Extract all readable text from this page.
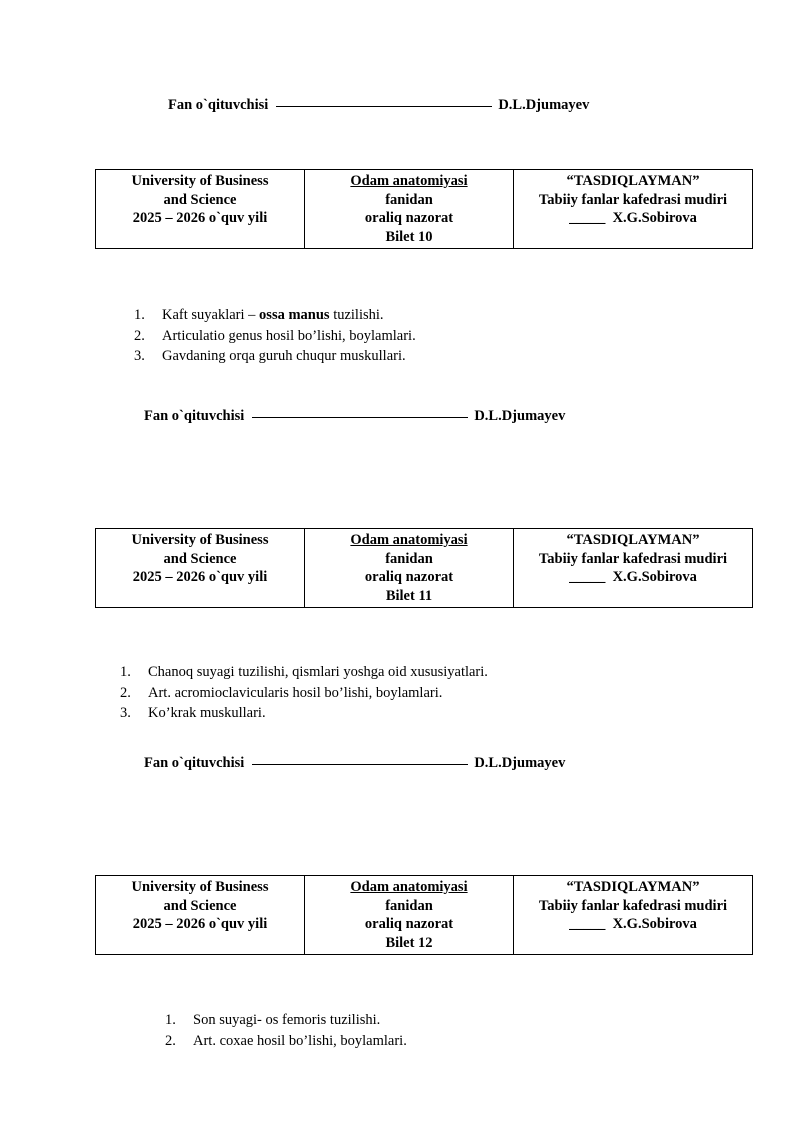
Fan o`qituvchisi	D.L.Djumayev
University of Business
and Science
2025 – 2026 o`quv yili

Odam anatomiyasi
fanidan
oraliq nazorat
Bilet 10

“TASDIQLAYMAN”
Tabiiy fanlar kafedrasi mudiri
_____ X.G.Sobirova
1. Kaft suyaklari – ossa manus tuzilishi.
2. Articulatio genus hosil bo’lishi, boylamlari.
3. Gavdaning orqa guruh chuqur muskullari.
Fan o`qituvchisi	D.L.Djumayev
University of Business
and Science
2025 – 2026 o`quv yili

Odam anatomiyasi
fanidan
oraliq nazorat
Bilet 11

“TASDIQLAYMAN”
Tabiiy fanlar kafedrasi mudiri
_____ X.G.Sobirova
1. Chanoq suyagi tuzilishi, qismlari yoshga oid xususiyatlari.
2. Art. acromioclavicularis hosil bo’lishi, boylamlari.
3. Ko’krak muskullari.
Fan o`qituvchisi	D.L.Djumayev
University of Business
and Science
2025 – 2026 o`quv yili

Odam anatomiyasi
fanidan
oraliq nazorat
Bilet 12

“TASDIQLAYMAN”
Tabiiy fanlar kafedrasi mudiri
_____ X.G.Sobirova
1. Son suyagi- os femoris tuzilishi.
2. Art. coxae hosil bo’lishi, boylamlari.
